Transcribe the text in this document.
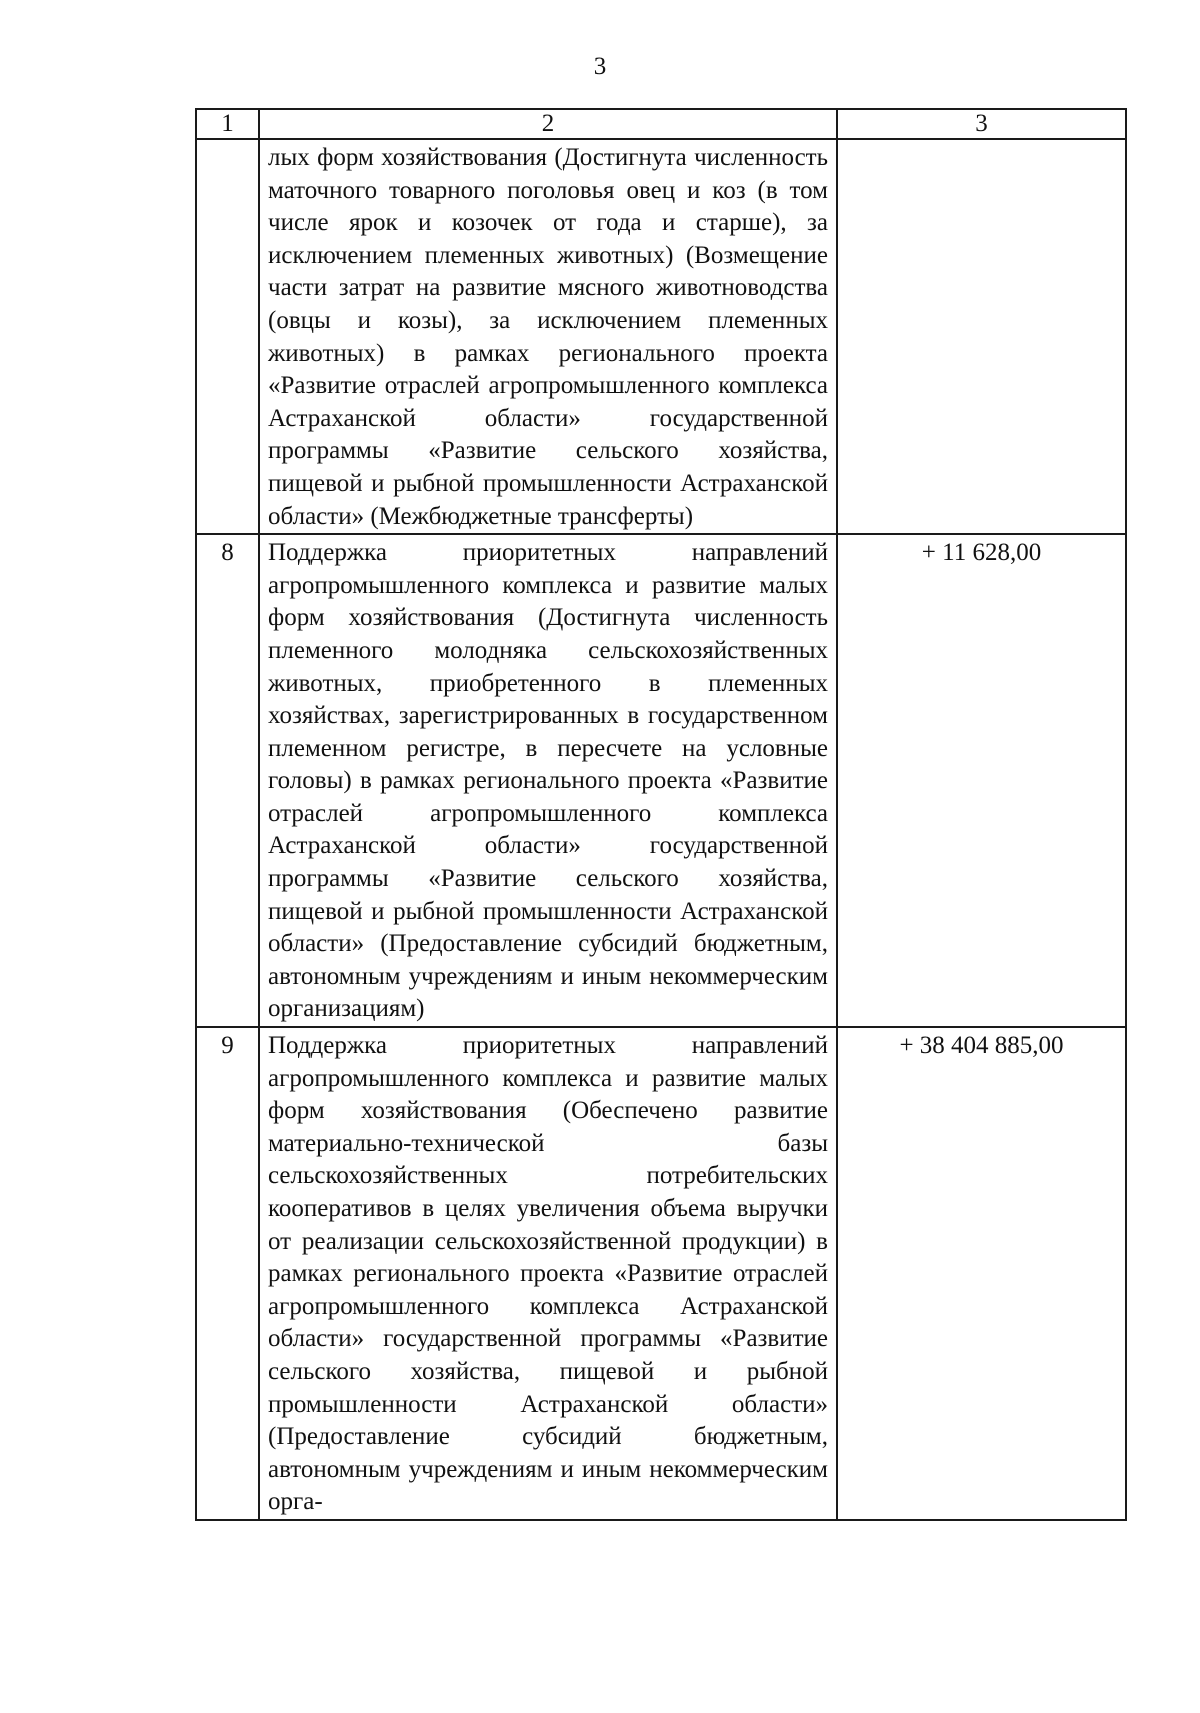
3
1	2	3
	лых форм хозяйствования (Достигнута численность маточного товарного поголовья овец и коз (в том числе ярок и козочек от года и старше), за исключением племенных животных) (Возмещение части затрат на развитие мясного животноводства (овцы и козы), за исключением племенных животных) в рамках регионального проекта «Развитие отраслей агропромышленного комплекса Астраханской области» государственной программы «Развитие сельского хозяйства, пищевой и рыбной промышленности Астраханской области» (Межбюджетные трансферты)	
8	Поддержка приоритетных направлений агропромышленного комплекса и развитие малых форм хозяйствования (Достигнута численность племенного молодняка сельскохозяйственных животных, приобретенного в племенных хозяйствах, зарегистрированных в государственном племенном регистре, в пересчете на условные головы) в рамках регионального проекта «Развитие отраслей агропромышленного комплекса Астраханской области» государственной программы «Развитие сельского хозяйства, пищевой и рыбной промышленности Астраханской области» (Предоставление субсидий бюджетным, автономным учреждениям и иным некоммерческим организациям)	+ 11 628,00
9	Поддержка приоритетных направлений агропромышленного комплекса и развитие малых форм хозяйствования (Обеспечено развитие материально-технической базы сельскохозяйственных потребительских кооперативов в целях увеличения объема выручки от реализации сельскохозяйственной продукции) в рамках регионального проекта «Развитие отраслей агропромышленного комплекса Астраханской области» государственной программы «Развитие сельского хозяйства, пищевой и рыбной промышленности Астраханской области» (Предоставление субсидий бюджетным, автономным учреждениям и иным некоммерческим орга-	+ 38 404 885,00
